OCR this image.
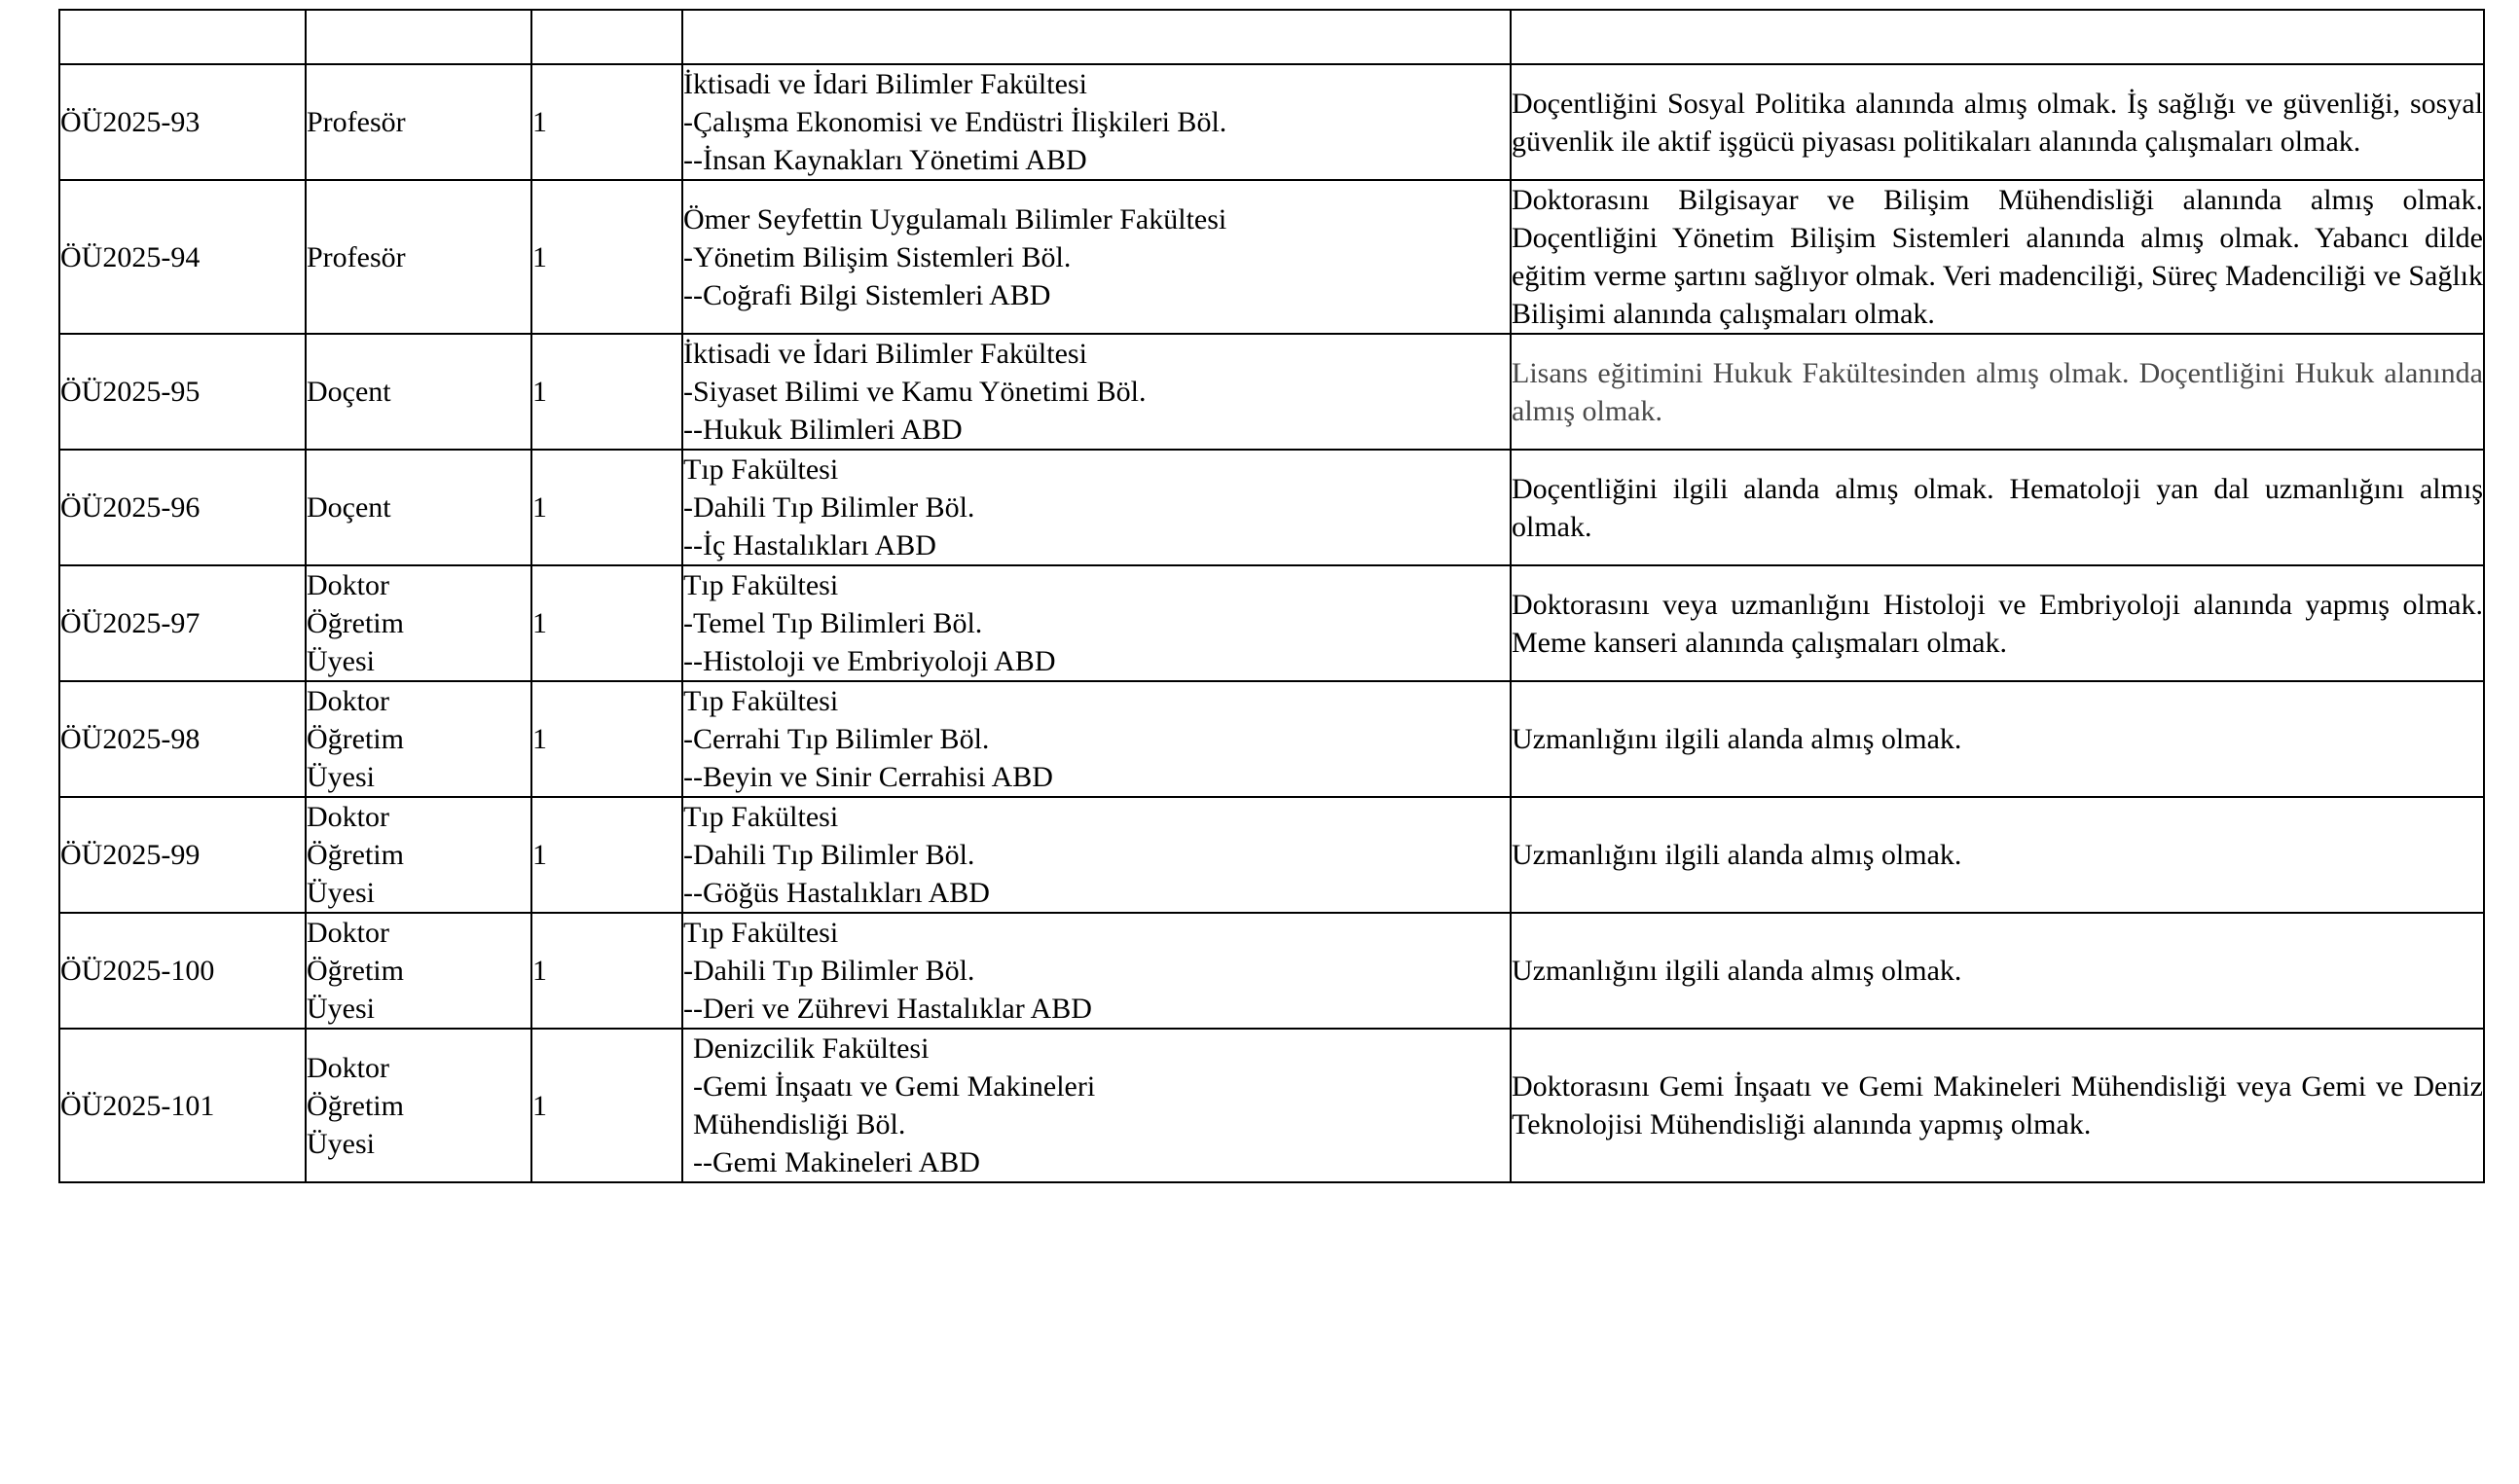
ÖÜ2025-93	Profesör	1	İktisadi ve İdari Bilimler Fakültesi
-Çalışma Ekonomisi ve Endüstri İlişkileri Böl.
--İnsan Kaynakları Yönetimi ABD	Doçentliğini Sosyal Politika alanında almış olmak. İş sağlığı ve güvenliği, sosyal güvenlik ile aktif işgücü piyasası politikaları alanında çalışmaları olmak.
ÖÜ2025-94	Profesör	1	
Ömer Seyfettin Uygulamalı Bilimler Fakültesi
-Yönetim Bilişim Sistemleri Böl.
--Coğrafi Bilgi Sistemleri ABD
	Doktorasını Bilgisayar ve Bilişim Mühendisliği alanında almış olmak. Doçentliğini Yönetim Bilişim Sistemleri alanında almış olmak. Yabancı dilde eğitim verme şartını sağlıyor olmak. Veri madenciliği, Süreç Madenciliği ve Sağlık Bilişimi alanında çalışmaları olmak.
ÖÜ2025-95	Doçent	1	İktisadi ve İdari Bilimler Fakültesi
-Siyaset Bilimi ve Kamu Yönetimi Böl.
--Hukuk Bilimleri ABD	Lisans eğitimini Hukuk Fakültesinden almış olmak. Doçentliğini Hukuk alanında almış olmak.
ÖÜ2025-96	Doçent	1	Tıp Fakültesi
-Dahili Tıp Bilimler Böl.
--İç Hastalıkları ABD	Doçentliğini ilgili alanda almış olmak. Hematoloji yan dal uzmanlığını almış olmak.
ÖÜ2025-97	Doktor
Öğretim
Üyesi	1	Tıp Fakültesi
-Temel Tıp Bilimleri Böl.
--Histoloji ve Embriyoloji ABD	Doktorasını veya uzmanlığını Histoloji ve Embriyoloji alanında yapmış olmak. Meme kanseri alanında çalışmaları olmak.
ÖÜ2025-98	Doktor
Öğretim
Üyesi	1	Tıp Fakültesi
-Cerrahi Tıp Bilimler Böl.
--Beyin ve Sinir Cerrahisi ABD	Uzmanlığını ilgili alanda almış olmak.
ÖÜ2025-99	Doktor
Öğretim
Üyesi	1	Tıp Fakültesi
-Dahili Tıp Bilimler Böl.
--Göğüs Hastalıkları ABD	Uzmanlığını ilgili alanda almış olmak.
ÖÜ2025-100	Doktor
Öğretim
Üyesi	1	Tıp Fakültesi
-Dahili Tıp Bilimler Böl.
--Deri ve Zührevi Hastalıklar ABD	Uzmanlığını ilgili alanda almış olmak.
ÖÜ2025-101	Doktor
Öğretim
Üyesi	1	Denizcilik Fakültesi
-Gemi İnşaatı ve Gemi Makineleri
Mühendisliği Böl.
--Gemi Makineleri ABD	Doktorasını Gemi İnşaatı ve Gemi Makineleri Mühendisliği veya Gemi ve Deniz Teknolojisi Mühendisliği alanında yapmış olmak.
